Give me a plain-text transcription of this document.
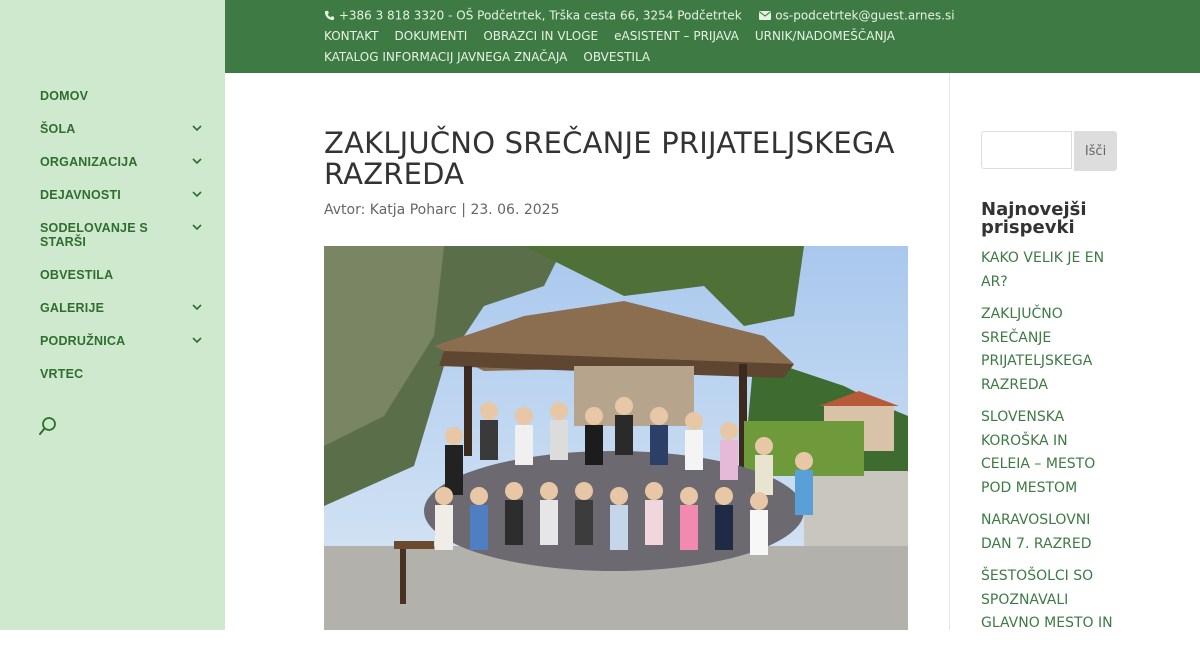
DOMOV
ŠOLA
ORGANIZACIJA
DEJAVNOSTI
SODELOVANJE S STARŠI
OBVESTILA
GALERIJE
PODRUŽNICA
VRTEC
+386 3 818 3320 - OŠ Podčetrtek, Trška cesta 66, 3254 Podčetrtek	os-podcetrtek@guest.arnes.si
KONTAKT DOKUMENTI OBRAZCI IN VLOGE eASISTENT – PRIJAVA URNIK/NADOMEŠČANJA
KATALOG INFORMACIJ JAVNEGA ZNAČAJA OBVESTILA
ZAKLJUČNO SREČANJE PRIJATELJSKEGA RAZREDA
Avtor: Katja Poharc | 23. 06. 2025
Išči
Najnovejši prispevki
KAKO VELIK JE EN AR?
ZAKLJUČNO SREČANJE PRIJATELJSKEGA RAZREDA
SLOVENSKA KOROŠKA IN CELEIA – MESTO POD MESTOM
NARAVOSLOVNI DAN 7. RAZRED
ŠESTOŠOLCI SO SPOZNAVALI GLAVNO MESTO IN
